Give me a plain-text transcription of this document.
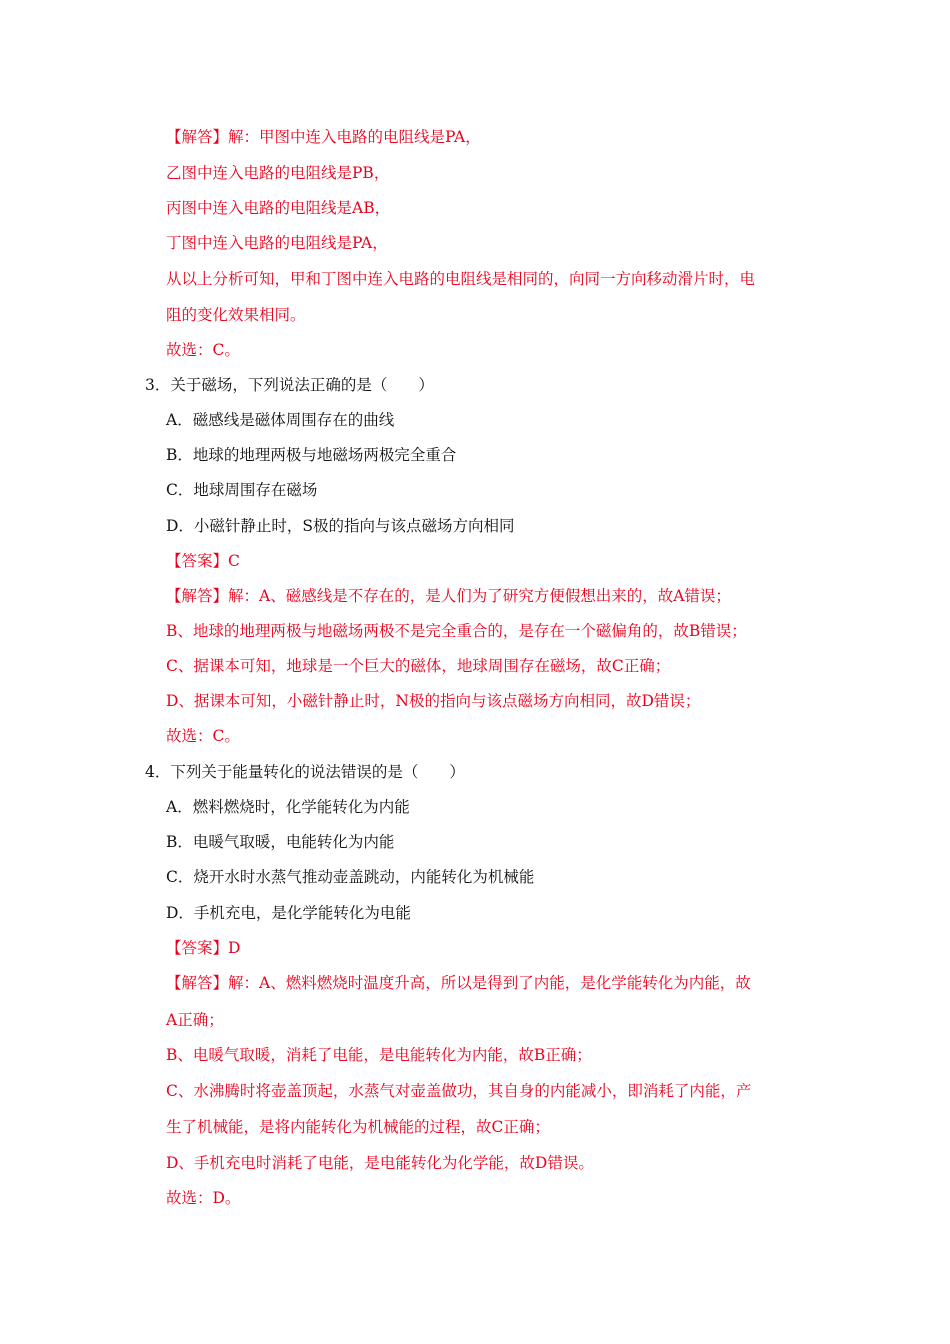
【解答】解：甲图中连入电路的电阻线是PA，
乙图中连入电路的电阻线是PB，
丙图中连入电路的电阻线是AB，
丁图中连入电路的电阻线是PA，
从以上分析可知，甲和丁图中连入电路的电阻线是相同的，向同一方向移动滑片时，电
阻的变化效果相同。
故选：C。
3．关于磁场，下列说法正确的是（　　）
A．磁感线是磁体周围存在的曲线
B．地球的地理两极与地磁场两极完全重合
C．地球周围存在磁场
D．小磁针静止时，S极的指向与该点磁场方向相同
【答案】C
【解答】解：A、磁感线是不存在的，是人们为了研究方便假想出来的，故A错误；
B、地球的地理两极与地磁场两极不是完全重合的，是存在一个磁偏角的，故B错误；
C、据课本可知，地球是一个巨大的磁体，地球周围存在磁场，故C正确；
D、据课本可知，小磁针静止时，N极的指向与该点磁场方向相同，故D错误；
故选：C。
4．下列关于能量转化的说法错误的是（　　）
A．燃料燃烧时，化学能转化为内能
B．电暖气取暖，电能转化为内能
C．烧开水时水蒸气推动壶盖跳动，内能转化为机械能
D．手机充电，是化学能转化为电能
【答案】D
【解答】解：A、燃料燃烧时温度升高，所以是得到了内能，是化学能转化为内能，故
A正确；
B、电暖气取暖，消耗了电能，是电能转化为内能，故B正确；
C、水沸腾时将壶盖顶起，水蒸气对壶盖做功，其自身的内能减小，即消耗了内能，产
生了机械能，是将内能转化为机械能的过程，故C正确；
D、手机充电时消耗了电能，是电能转化为化学能，故D错误。
故选：D。
